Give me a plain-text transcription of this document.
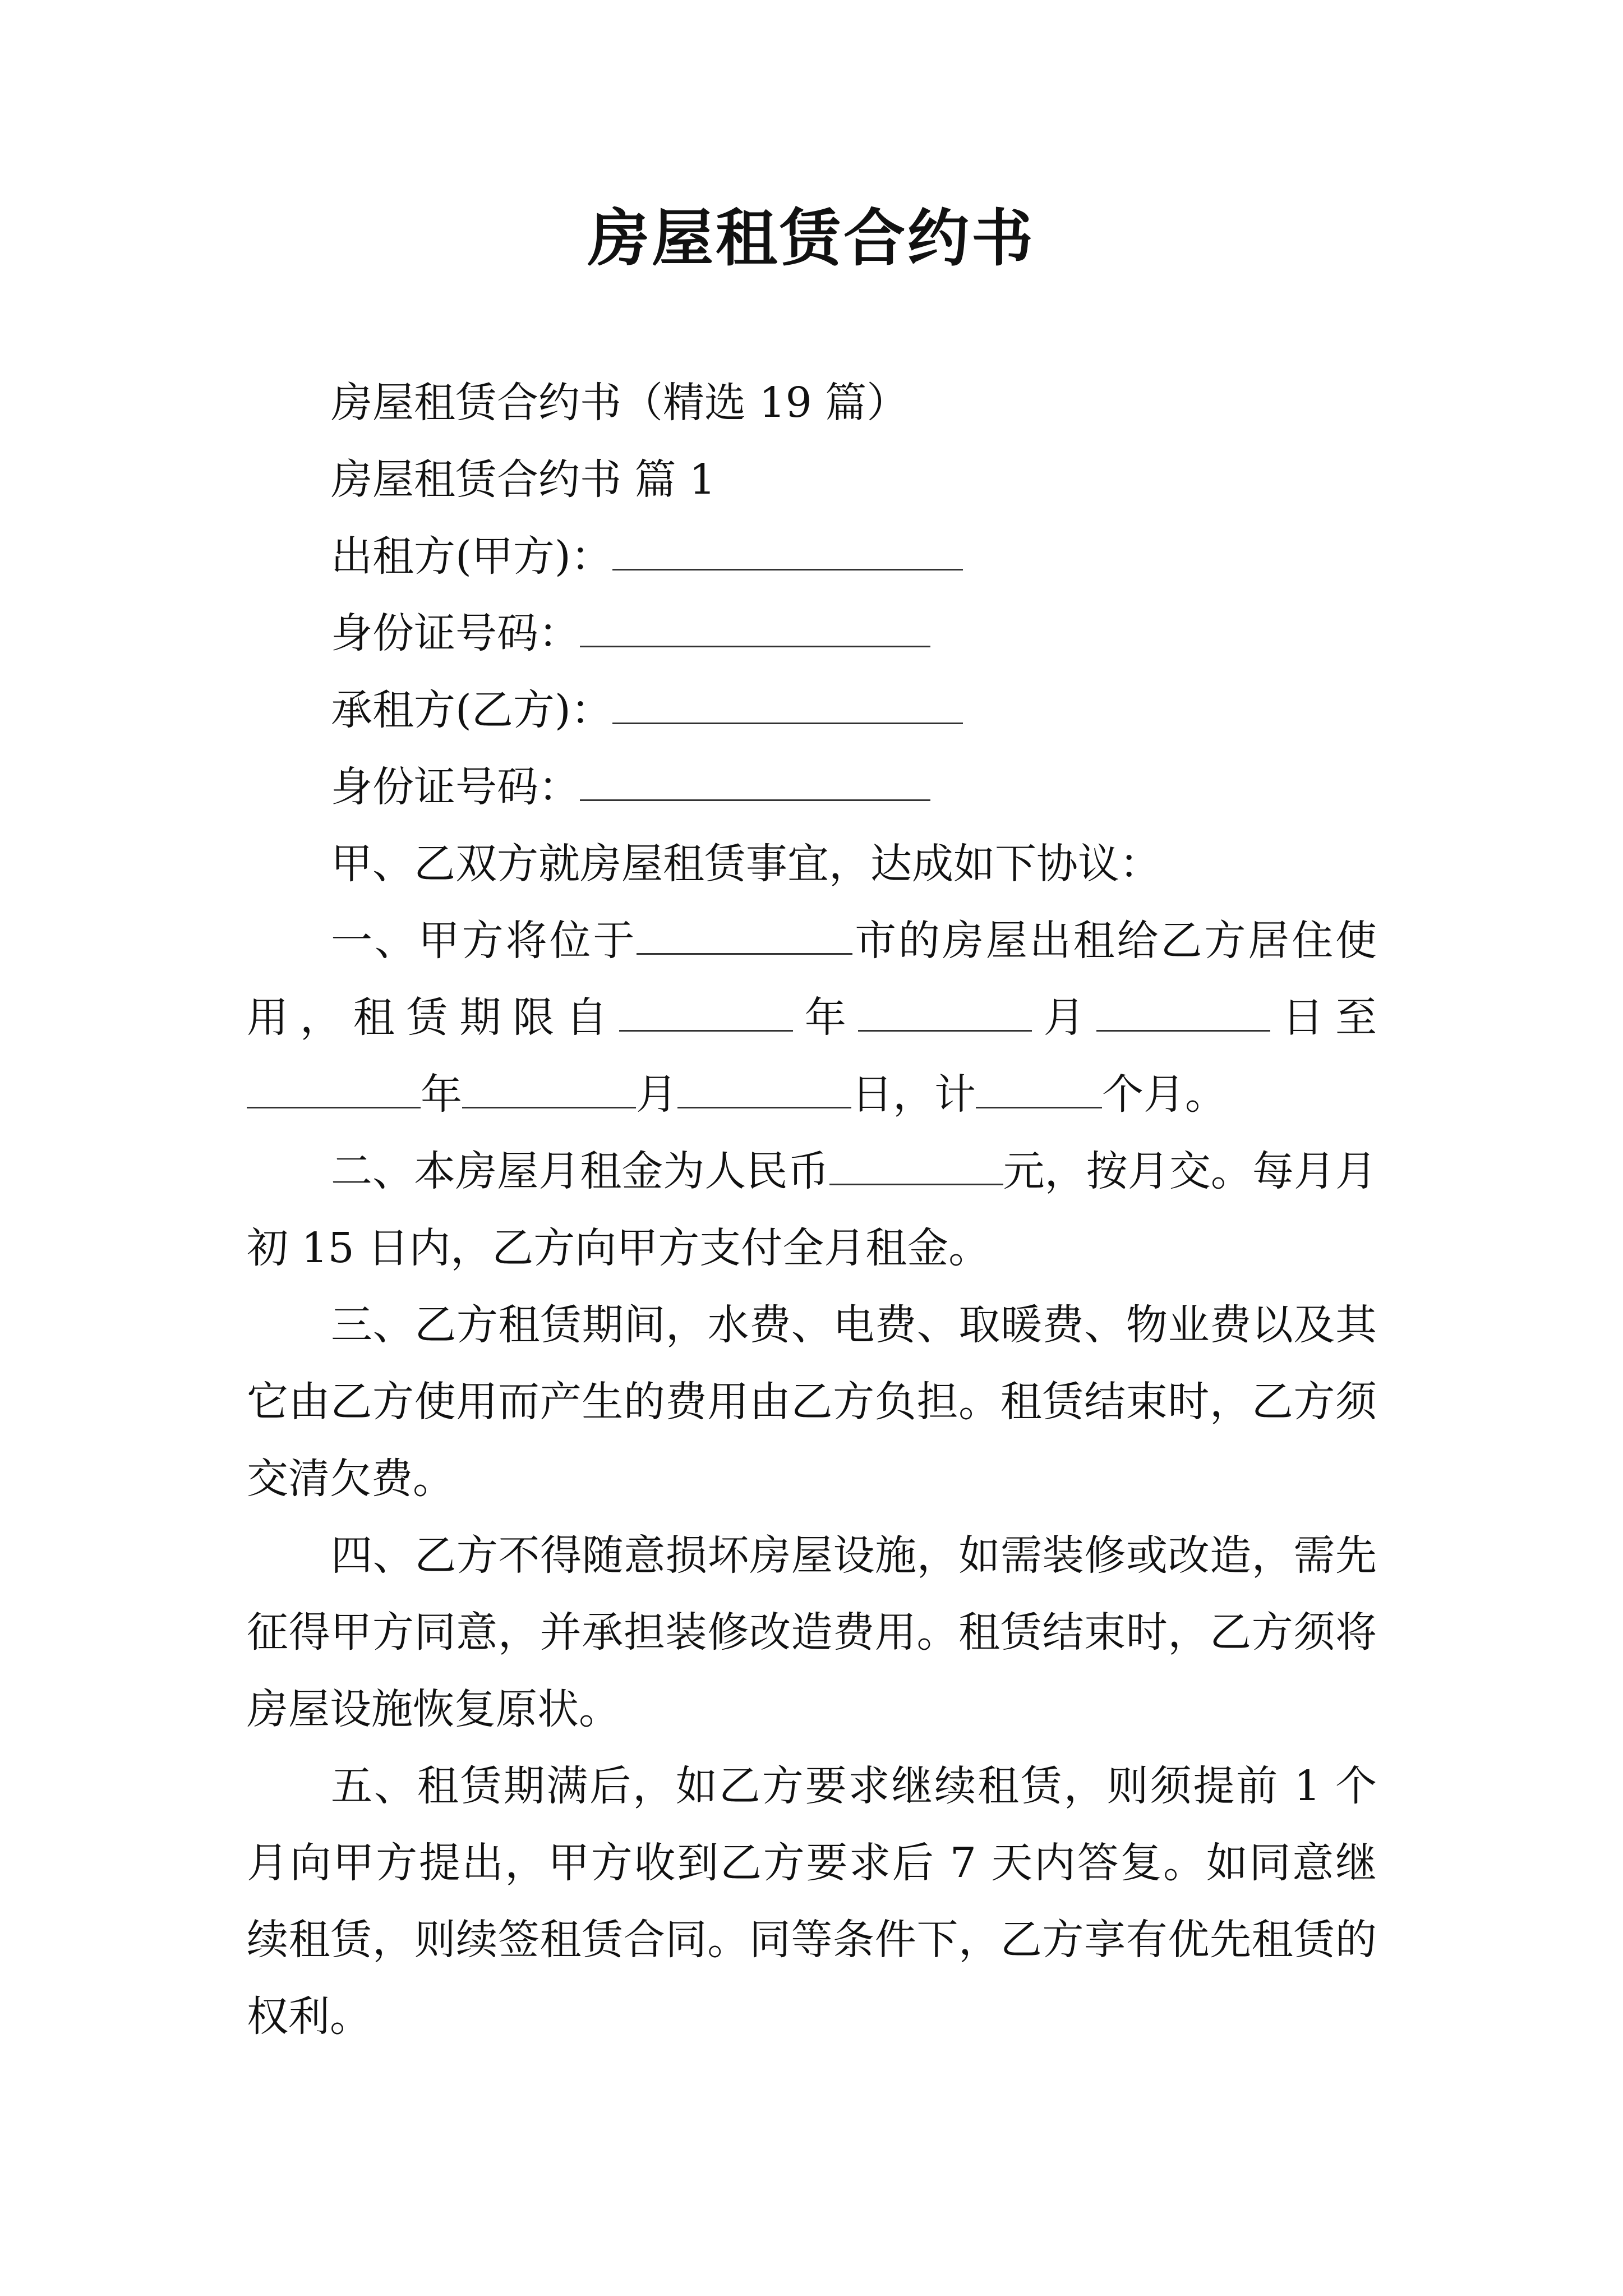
房屋租赁合约书

房屋租赁合约书（精选 19 篇）

房屋租赁合约书 篇 1

出租方(甲方)：

身份证号码：

承租方(乙方)：

身份证号码：

甲、乙双方就房屋租赁事宜，达成如下协议：

一、甲方将位于	市的房屋出租给乙方居住使用，租赁期限自	年	月	日至年	月	日，计	个月。

二、本房屋月租金为人民币	元，按月交。每月月初 15 日内，乙方向甲方支付全月租金。

三、乙方租赁期间，水费、电费、取暖费、物业费以及其它由乙方使用而产生的费用由乙方负担。租赁结束时，乙方须交清欠费。

四、乙方不得随意损坏房屋设施，如需装修或改造，需先征得甲方同意，并承担装修改造费用。租赁结束时，乙方须将房屋设施恢复原状。

五、租赁期满后，如乙方要求继续租赁，则须提前 1 个月向甲方提出，甲方收到乙方要求后 7 天内答复。如同意继续租赁，则续签租赁合同。同等条件下，乙方享有优先租赁的权利。
